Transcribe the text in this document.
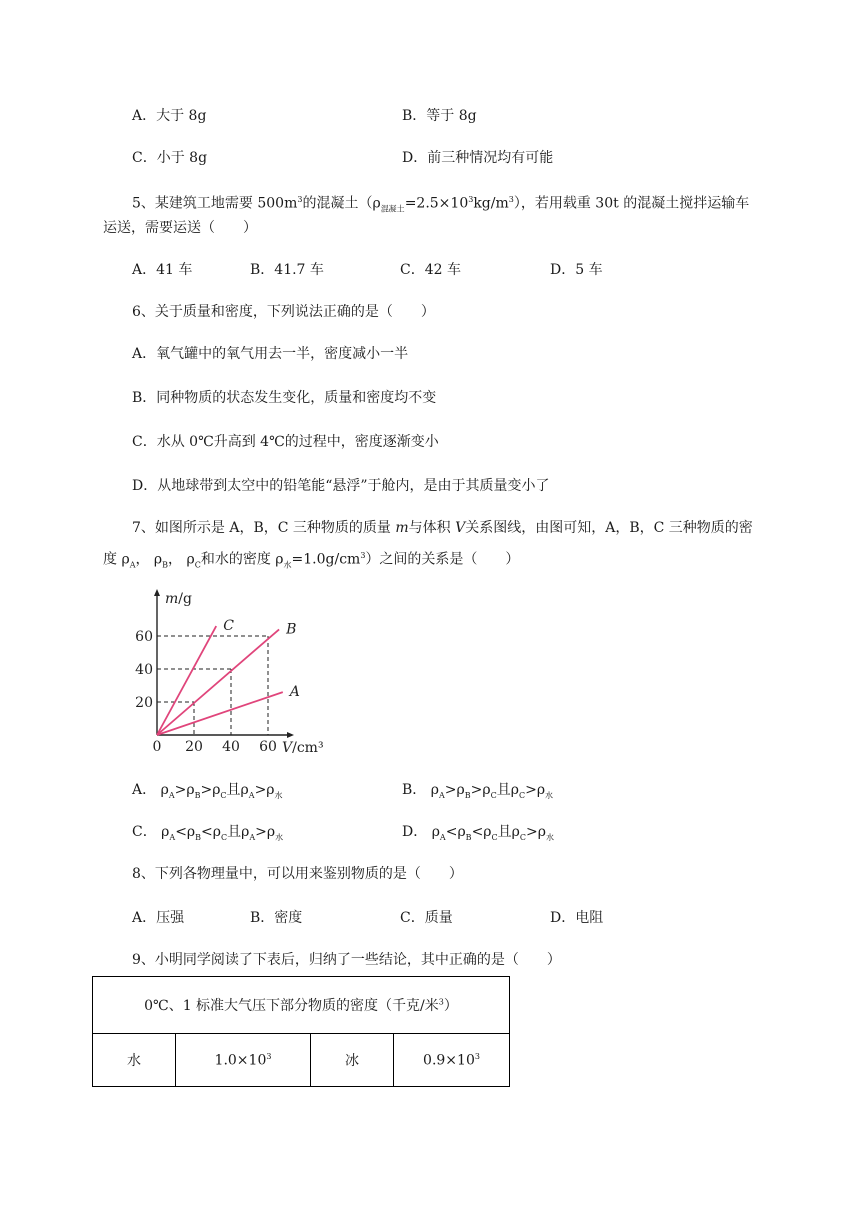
A．大于 8g	B．等于 8g
C．小于 8g	D．前三种情况均有可能
5、某建筑工地需要 $500m^3$的混凝土$(\rho_{混凝土}=2.5\times 10^3kg/m^3)$，若用载重 30t 的混凝土搅拌运输车
运送，需要运送（　　）
A．41 车	B．41.7 车	C．42 车	D．5 车
6、关于质量和密度，下列说法正确的是（　　）
A．氧气罐中的氧气用去一半，密度减小一半
B．同种物质的状态发生变化，质量和密度均不变
C．水从 0℃升高到 4℃的过程中，密度逐渐变小
D．从地球带到太空中的铅笔能“悬浮”于舱内，是由于其质量变小了
7、如图所示是 A，B，C 三种物质的质量 m与体积 V关系图线，由图可知，A，B，C 三种物质的密
度 $\rho_A$， $\rho_B$， $\rho_C$和水的密度 $\rho_水=1.0g/cm^3$）之间的关系是（　　）
C	B
A
20
40
60
0 20 40 60
m/g
V/cm³
A． $\rho_A>\rho_B>\rho_C$且$\rho_A>\rho_水$	B． $\rho_A>\rho_B>\rho_C$且$\rho_C>\rho_水$
C． $\rho_A<\rho_B<\rho_C$且$\rho_A>\rho_水$	D． $\rho_A<\rho_B<\rho_C$且$\rho_C>\rho_水$
8、下列各物理量中，可以用来鉴别物质的是（　　）
A．压强	B．密度	C．质量	D．电阻
9、小明同学阅读了下表后，归纳了一些结论，其中正确的是（　　）
0℃、1 标准大气压下部分物质的密度（千克/米$^3$）
水	$1.0\times 10^3$	冰	$0.9\times 10^3$
